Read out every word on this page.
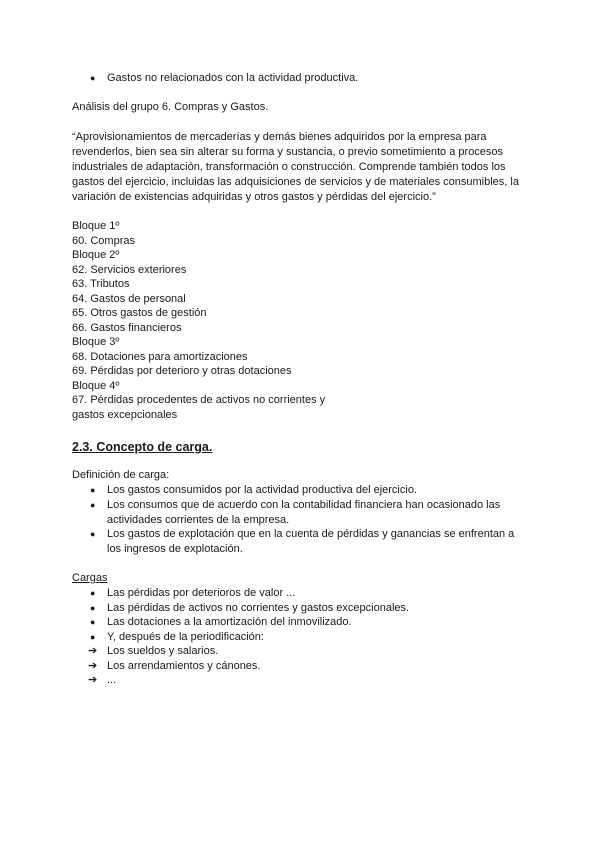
● Gastos no relacionados con la actividad productiva.
Análisis del grupo 6. Compras y Gastos.
“Aprovisionamientos de mercaderías y demás bienes adquiridos por la empresa para
revenderlos, bien sea sin alterar su forma y sustancia, o previo sometimiento a procesos
industriales de adaptación, transformación o construcción. Comprende también todos los
gastos del ejercicio, incluidas las adquisiciones de servicios y de materiales consumibles, la
variación de existencias adquiridas y otros gastos y pérdidas del ejercicio.”
Bloque 1º
60. Compras
Bloque 2º
62. Servicios exteriores
63. Tributos
64. Gastos de personal
65. Otros gastos de gestión
66. Gastos financieros
Bloque 3º
68. Dotaciones para amortizaciones
69. Pérdidas por deterioro y otras dotaciones
Bloque 4º
67. Pérdidas procedentes de activos no corrientes y
gastos excepcionales
2.3. Concepto de carga.
Definición de carga:
● Los gastos consumidos por la actividad productiva del ejercicio.
● Los consumos que de acuerdo con la contabilidad financiera han ocasionado las
actividades corrientes de la empresa.
● Los gastos de explotación que en la cuenta de pérdidas y ganancias se enfrentan a
los ingresos de explotación.
Cargas
● Las pérdidas por deterioros de valor ...
● Las pérdidas de activos no corrientes y gastos excepcionales.
● Las dotaciones a la amortización del inmovilizado.
● Y, después de la periodificación:
➔ Los sueldos y salarios.
➔ Los arrendamientos y cánones.
➔ ...
